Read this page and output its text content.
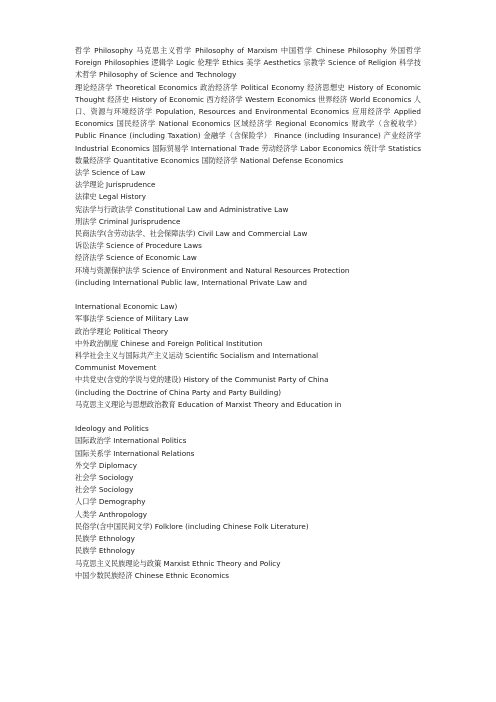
哲学 Philosophy 马克思主义哲学 Philosophy of Marxism 中国哲学 Chinese Philosophy 外国哲学 Foreign Philosophies 逻辑学 Logic 伦理学 Ethics 美学 Aesthetics 宗教学 Science of Religion 科学技术哲学 Philosophy of Science and Technology
理论经济学 Theoretical Economics 政治经济学 Political Economy 经济思想史 History of Economic Thought 经济史 History of Economic 西方经济学 Western Economics 世界经济 World Economics 人口、资源与环境经济学 Population, Resources and Environmental Economics 应用经济学 Applied Economics 国民经济学 National Economics 区域经济学 Regional Economics 财政学（含税收学） Public Finance (including Taxation) 金融学（含保险学） Finance (including Insurance) 产业经济学 Industrial Economics 国际贸易学 International Trade 劳动经济学 Labor Economics 统计学 Statistics 数量经济学 Quantitative Economics 国防经济学 National Defense Economics
法学 Science of Law
法学理论 Jurisprudence
法律史 Legal History
宪法学与行政法学 Constitutional Law and Administrative Law
刑法学 Criminal Jurisprudence
民商法学(含劳动法学、社会保障法学) Civil Law and Commercial Law
诉讼法学 Science of Procedure Laws
经济法学 Science of Economic Law
环境与资源保护法学 Science of Environment and Natural Resources Protection
(including International Public law, International Private Law and
International Economic Law)
军事法学 Science of Military Law
政治学理论 Political Theory
中外政治制度 Chinese and Foreign Political Institution
科学社会主义与国际共产主义运动 Scientific Socialism and International
Communist Movement
中共党史(含党的学说与党的建设) History of the Communist Party of China
(including the Doctrine of China Party and Party Building)
马克思主义理论与思想政治教育 Education of Marxist Theory and Education in
Ideology and Politics
国际政治学 International Politics
国际关系学 International Relations
外交学 Diplomacy
社会学 Sociology
社会学 Sociology
人口学 Demography
人类学 Anthropology
民俗学(含中国民间文学) Folklore (including Chinese Folk Literature)
民族学 Ethnology
民族学 Ethnology
马克思主义民族理论与政策 Marxist Ethnic Theory and Policy
中国少数民族经济 Chinese Ethnic Economics
